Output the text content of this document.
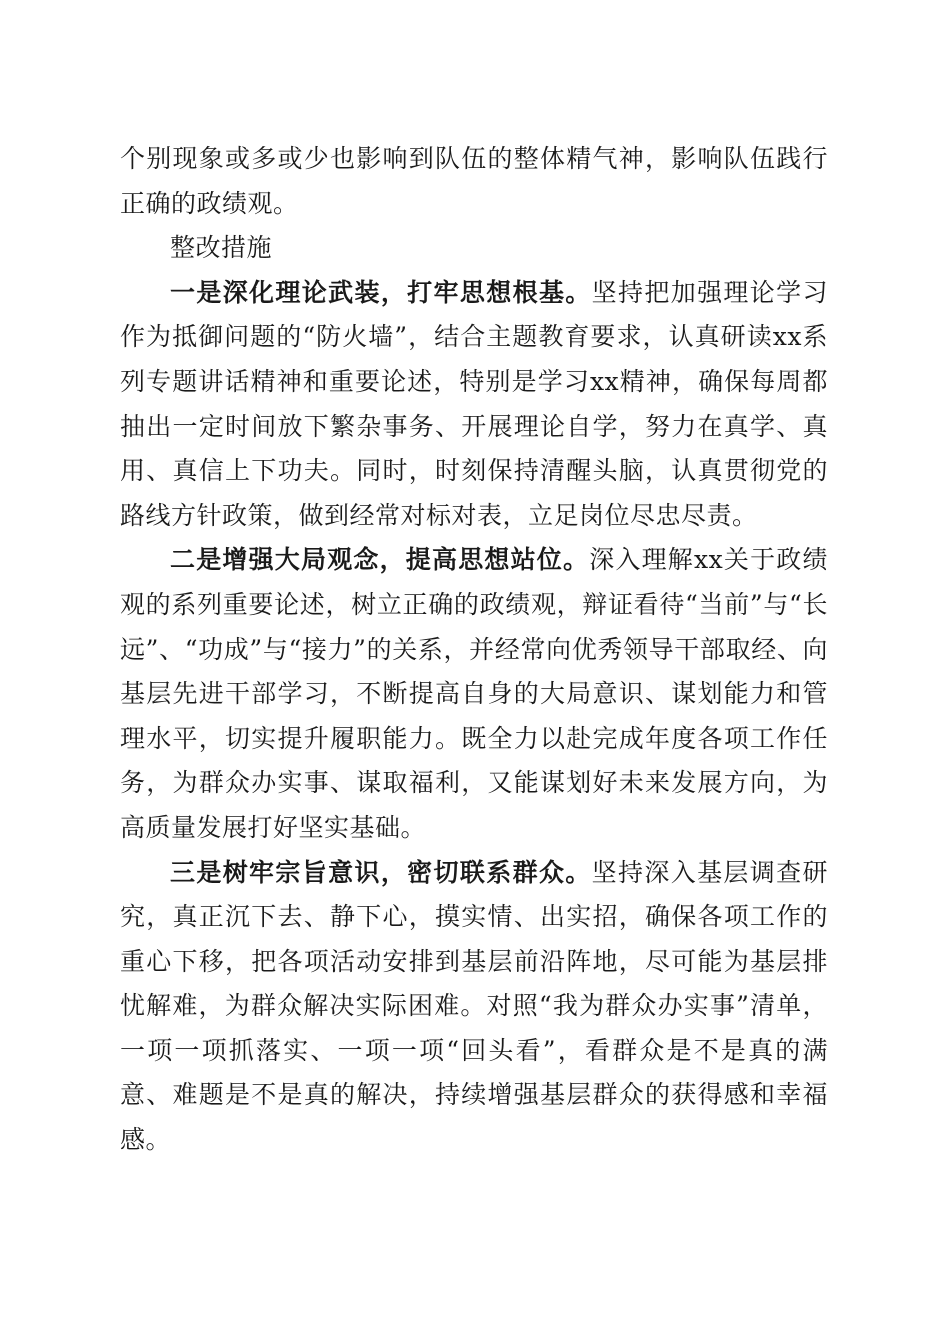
个别现象或多或少也影响到队伍的整体精气神，影响队伍践行正确的政绩观。

整改措施

一是深化理论武装，打牢思想根基。坚持把加强理论学习作为抵御问题的“防火墙”，结合主题教育要求，认真研读xx系列专题讲话精神和重要论述，特别是学习xx精神，确保每周都抽出一定时间放下繁杂事务、开展理论自学，努力在真学、真用、真信上下功夫。同时，时刻保持清醒头脑，认真贯彻党的路线方针政策，做到经常对标对表，立足岗位尽忠尽责。

二是增强大局观念，提高思想站位。深入理解xx关于政绩观的系列重要论述，树立正确的政绩观，辩证看待“当前”与“长远”、“功成”与“接力”的关系，并经常向优秀领导干部取经、向基层先进干部学习，不断提高自身的大局意识、谋划能力和管理水平，切实提升履职能力。既全力以赴完成年度各项工作任务，为群众办实事、谋取福利，又能谋划好未来发展方向，为高质量发展打好坚实基础。

三是树牢宗旨意识，密切联系群众。坚持深入基层调查研究，真正沉下去、静下心，摸实情、出实招，确保各项工作的重心下移，把各项活动安排到基层前沿阵地，尽可能为基层排忧解难，为群众解决实际困难。对照“我为群众办实事”清单，一项一项抓落实、一项一项“回头看”，看群众是不是真的满意、难题是不是真的解决，持续增强基层群众的获得感和幸福感。
